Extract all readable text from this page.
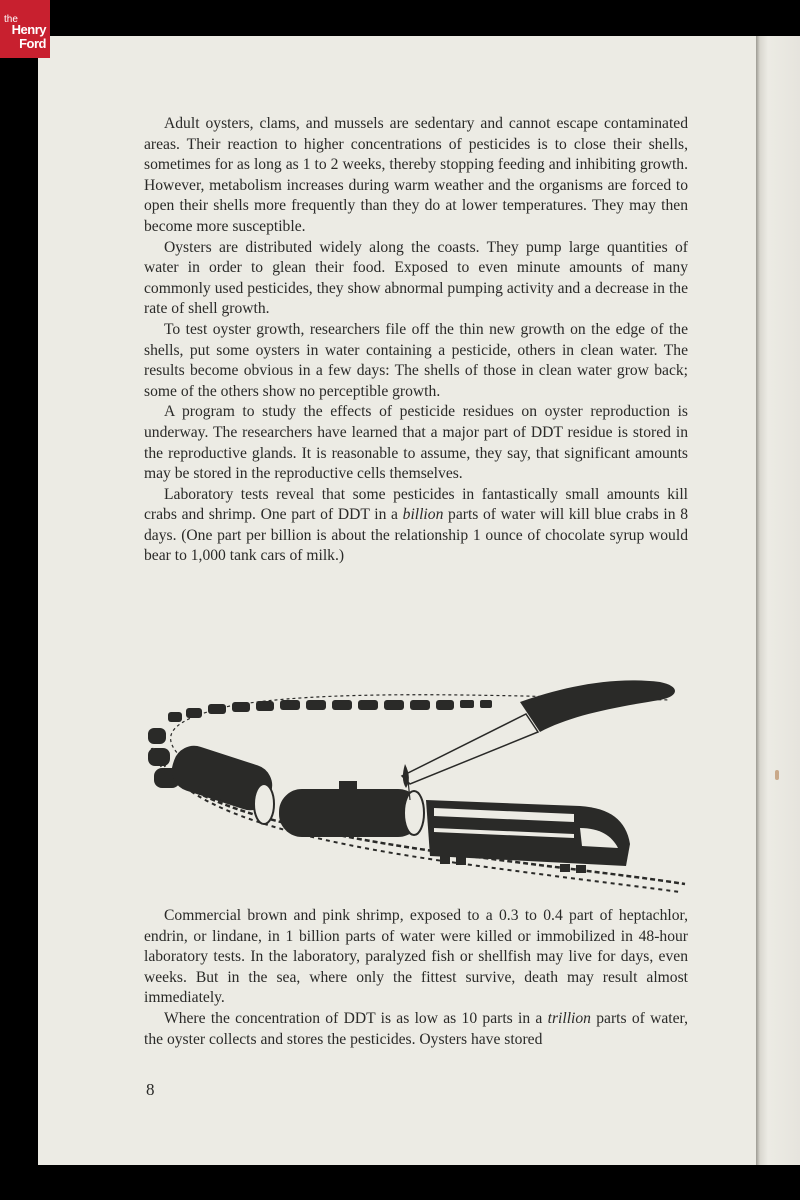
the
Henry
Ford

Adult oysters, clams, and mussels are sedentary and cannot escape contaminated areas. Their reaction to higher concentrations of pesticides is to close their shells, sometimes for as long as 1 to 2 weeks, thereby stopping feeding and inhibiting growth. However, metabolism increases during warm weather and the organisms are forced to open their shells more frequently than they do at lower temperatures. They may then become more susceptible.

Oysters are distributed widely along the coasts. They pump large quantities of water in order to glean their food. Exposed to even minute amounts of many commonly used pesticides, they show abnormal pumping activity and a decrease in the rate of shell growth.

To test oyster growth, researchers file off the thin new growth on the edge of the shells, put some oysters in water containing a pesticide, others in clean water. The results become obvious in a few days: The shells of those in clean water grow back; some of the others show no perceptible growth.

A program to study the effects of pesticide residues on oyster reproduction is underway. The researchers have learned that a major part of DDT residue is stored in the reproductive glands. It is reasonable to assume, they say, that significant amounts may be stored in the reproductive cells themselves.

Laboratory tests reveal that some pesticides in fantastically small amounts kill crabs and shrimp. One part of DDT in a billion parts of water will kill blue crabs in 8 days. (One part per billion is about the relationship 1 ounce of chocolate syrup would bear to 1,000 tank cars of milk.)

Commercial brown and pink shrimp, exposed to a 0.3 to 0.4 part of heptachlor, endrin, or lindane, in 1 billion parts of water were killed or immobilized in 48-hour laboratory tests. In the laboratory, paralyzed fish or shellfish may live for days, even weeks. But in the sea, where only the fittest survive, death may result almost immediately.

Where the concentration of DDT is as low as 10 parts in a trillion parts of water, the oyster collects and stores the pesticides. Oysters have stored

8
